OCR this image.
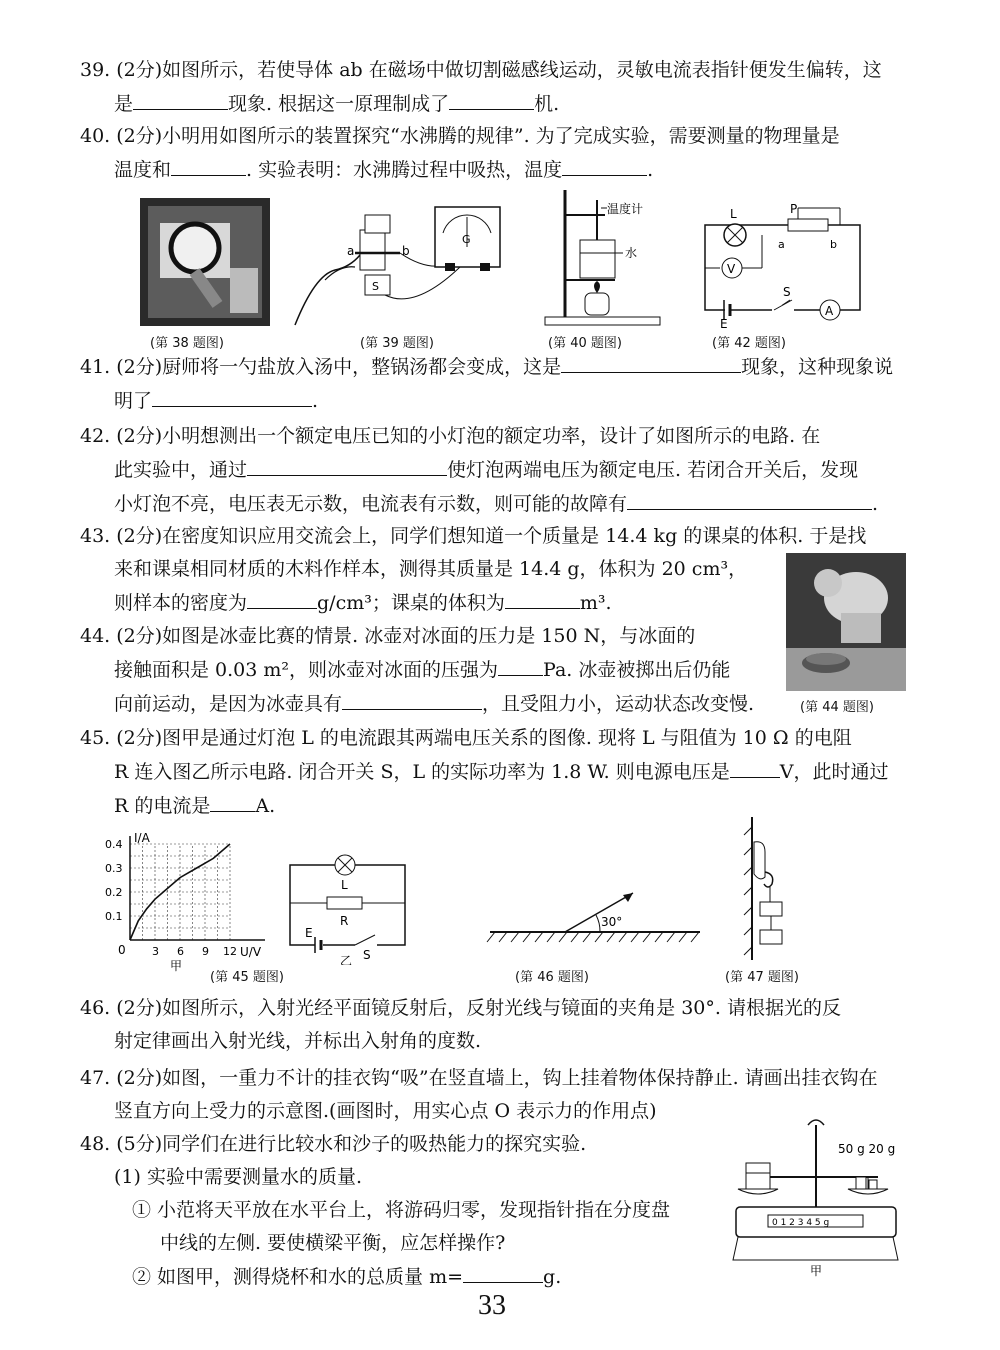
39. (2分)如图所示，若使导体 ab 在磁场中做切割磁感线运动，灵敏电流表指针便发生偏转，这
是	现象. 根据这一原理制成了	机.
40. (2分)小明用如图所示的装置探究“水沸腾的规律”. 为了完成实验，需要测量的物理量是
温度和	. 实验表明：水沸腾过程中吸热，温度	.
(第 38 题图)
a	b
S
G
(第 39 题图)
温度计
水
(第 40 题图)
L	P
a	b
V
E
S
A
(第 42 题图)
41. (2分)厨师将一勺盐放入汤中，整锅汤都会变成，这是	现象，这种现象说
明了	.
42. (2分)小明想测出一个额定电压已知的小灯泡的额定功率，设计了如图所示的电路. 在
此实验中，通过	使灯泡两端电压为额定电压. 若闭合开关后，发现
小灯泡不亮，电压表无示数，电流表有示数，则可能的故障有	.
43. (2分)在密度知识应用交流会上，同学们想知道一个质量是 14.4 kg 的课桌的体积. 于是找
来和课桌相同材质的木料作样本，测得其质量是 14.4 g，体积为 20 cm³，
则样本的密度为	g/cm³；课桌的体积为	m³.
(第 44 题图)
44. (2分)如图是冰壶比赛的情景. 冰壶对冰面的压力是 150 N，与冰面的
接触面积是 0.03 m²，则冰壶对冰面的压强为 Pa. 冰壶被掷出后仍能
向前运动，是因为冰壶具有	，且受阻力小，运动状态改变慢.
45. (2分)图甲是通过灯泡 L 的电流跟其两端电压关系的图像. 现将 L 与阻值为 10 Ω 的电阻
R 连入图乙所示电路. 闭合开关 S，L 的实际功率为 1.8 W. 则电源电压是	V，此时通过
R 的电流是 A.
I/A
U/V
0 3 6 9 12
0.1
0.2
0.3
0.4
甲
L
R
E
S
乙
(第 45 题图)
30°
(第 46 题图)	(第 47 题图)
46. (2分)如图所示，入射光经平面镜反射后，反射光线与镜面的夹角是 30°. 请根据光的反
射定律画出入射光线，并标出入射角的度数.
47. (2分)如图，一重力不计的挂衣钩“吸”在竖直墙上，钩上挂着物体保持静止. 请画出挂衣钩在
竖直方向上受力的示意图.(画图时，用实心点 O 表示力的作用点)
48. (5分)同学们在进行比较水和沙子的吸热能力的探究实验.
(1) 实验中需要测量水的质量.
① 小范将天平放在水平台上，将游码归零，发现指针指在分度盘
中线的左侧. 要使横梁平衡，应怎样操作?
② 如图甲，测得烧杯和水的总质量 m=	g.
50 g 20 g
0 1 2 3 4 5 g
甲
33
